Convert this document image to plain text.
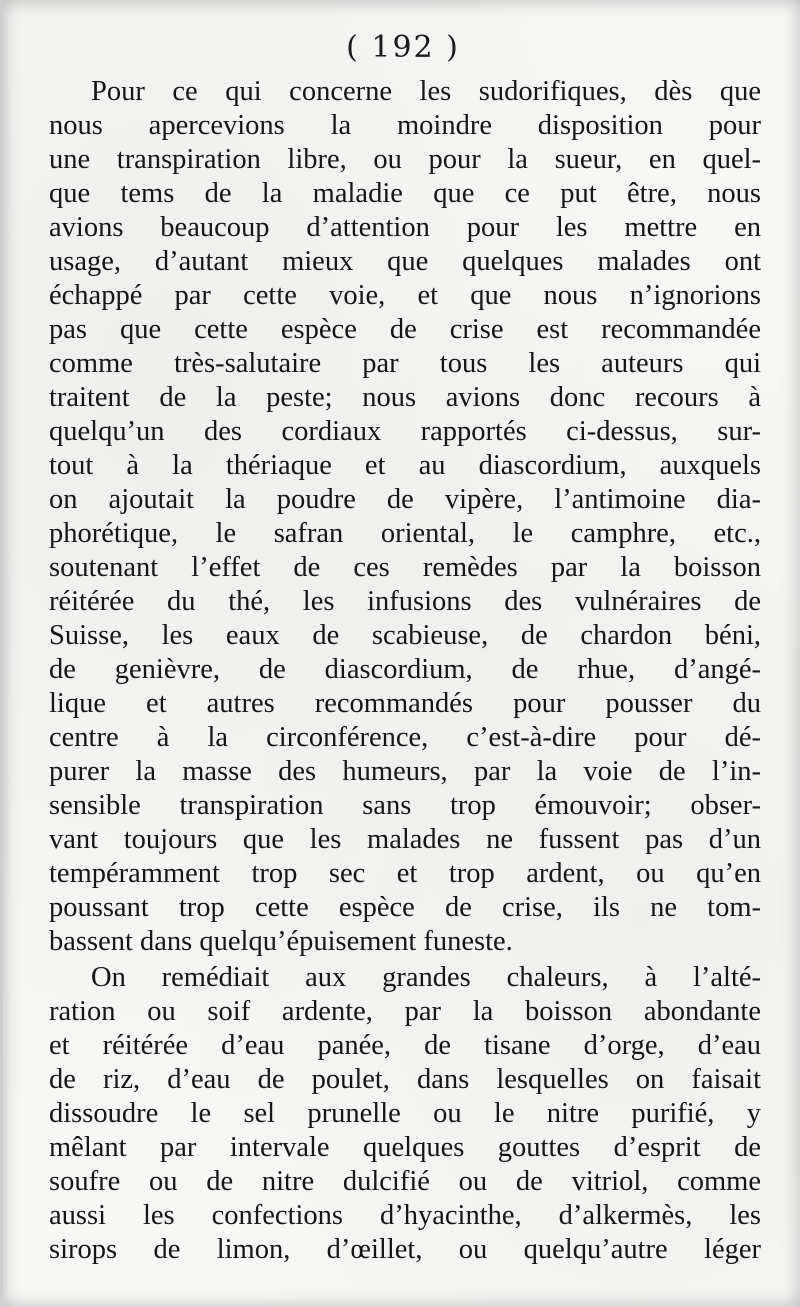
( 192 )
Pour ce qui concerne les sudorifiques, dès que
nous apercevions la moindre disposition pour
une transpiration libre, ou pour la sueur, en quel-
que tems de la maladie que ce put être, nous
avions beaucoup d’attention pour les mettre en
usage, d’autant mieux que quelques malades ont
échappé par cette voie, et que nous n’ignorions
pas que cette espèce de crise est recommandée
comme très-salutaire par tous les auteurs qui
traitent de la peste; nous avions donc recours à
quelqu’un des cordiaux rapportés ci-dessus, sur-
tout à la thériaque et au diascordium, auxquels
on ajoutait la poudre de vipère, l’antimoine dia-
phorétique, le safran oriental, le camphre, etc.,
soutenant l’effet de ces remèdes par la boisson
réitérée du thé, les infusions des vulnéraires de
Suisse, les eaux de scabieuse, de chardon béni,
de genièvre, de diascordium, de rhue, d’angé-
lique et autres recommandés pour pousser du
centre à la circonférence, c’est-à-dire pour dé-
purer la masse des humeurs, par la voie de l’in-
sensible transpiration sans trop émouvoir; obser-
vant toujours que les malades ne fussent pas d’un
tempéramment trop sec et trop ardent, ou qu’en
poussant trop cette espèce de crise, ils ne tom-
bassent dans quelqu’épuisement funeste.
On remédiait aux grandes chaleurs, à l’alté-
ration ou soif ardente, par la boisson abondante
et réitérée d’eau panée, de tisane d’orge, d’eau
de riz, d’eau de poulet, dans lesquelles on faisait
dissoudre le sel prunelle ou le nitre purifié, y
mêlant par intervale quelques gouttes d’esprit de
soufre ou de nitre dulcifié ou de vitriol, comme
aussi les confections d’hyacinthe, d’alkermès, les
sirops de limon, d’œillet, ou quelqu’autre léger
